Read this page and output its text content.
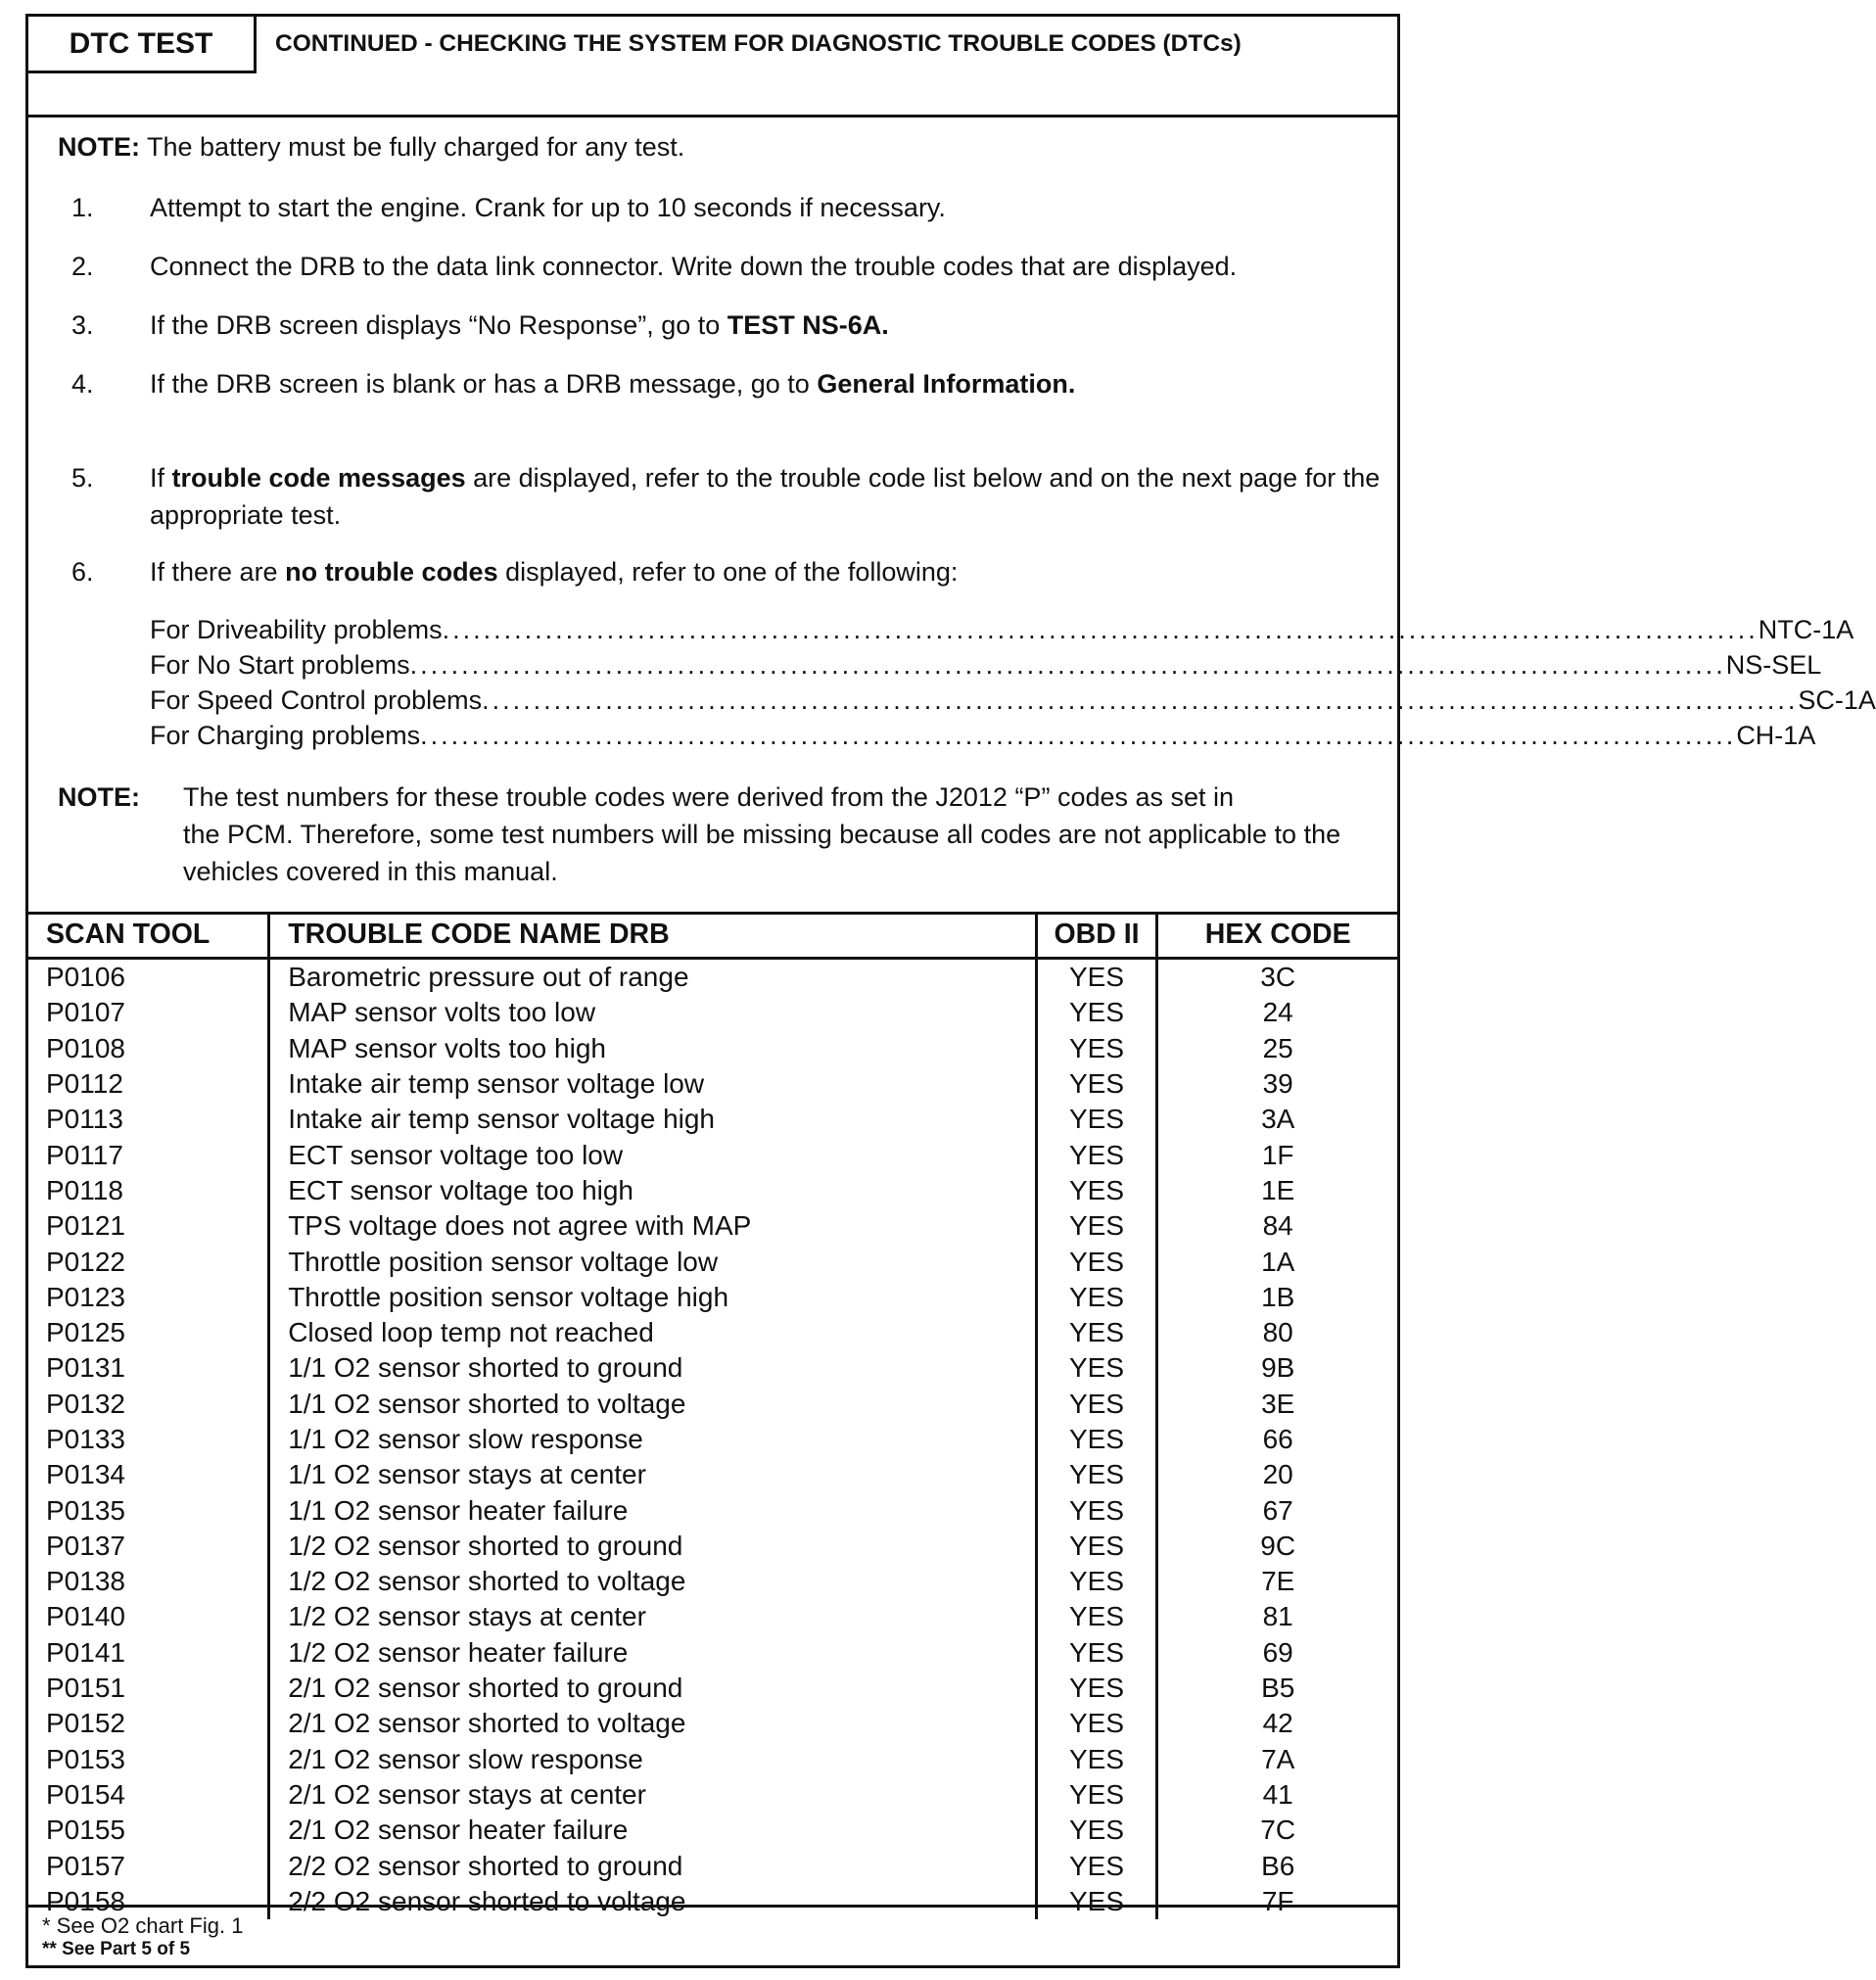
DTC TEST	CONTINUED - CHECKING THE SYSTEM FOR DIAGNOSTIC TROUBLE CODES (DTCs)
NOTE: The battery must be fully charged for any test.
1.	Attempt to start the engine. Crank for up to 10 seconds if necessary.
2.	Connect the DRB to the data link connector. Write down the trouble codes that are displayed.
3.	If the DRB screen displays “No Response”, go to TEST NS-6A.
4.	If the DRB screen is blank or has a DRB message, go to General Information.
5.	If trouble code messages are displayed, refer to the trouble code list below and on the next page for the appropriate test.
6.	If there are no trouble codes displayed, refer to one of the following:
For Driveability problems ................................................................................................................................ NTC-1A
For No Start problems ................................................................................................................................ NS-SEL
For Speed Control problems ................................................................................................................................ SC-1A
For Charging problems ................................................................................................................................ CH-1A
NOTE: The test numbers for these trouble codes were derived from the J2012 “P” codes as set in
the PCM. Therefore, some test numbers will be missing because all codes are not applicable to the vehicles covered in this manual.
SCAN TOOL	TROUBLE CODE NAME DRB	OBD II	HEX CODE
P0106	Barometric pressure out of range	YES	3C
P0107	MAP sensor volts too low	YES	24
P0108	MAP sensor volts too high	YES	25
P0112	Intake air temp sensor voltage low	YES	39
P0113	Intake air temp sensor voltage high	YES	3A
P0117	ECT sensor voltage too low	YES	1F
P0118	ECT sensor voltage too high	YES	1E
P0121	TPS voltage does not agree with MAP	YES	84
P0122	Throttle position sensor voltage low	YES	1A
P0123	Throttle position sensor voltage high	YES	1B
P0125	Closed loop temp not reached	YES	80
P0131	1/1 O2 sensor shorted to ground	YES	9B
P0132	1/1 O2 sensor shorted to voltage	YES	3E
P0133	1/1 O2 sensor slow response	YES	66
P0134	1/1 O2 sensor stays at center	YES	20
P0135	1/1 O2 sensor heater failure	YES	67
P0137	1/2 O2 sensor shorted to ground	YES	9C
P0138	1/2 O2 sensor shorted to voltage	YES	7E
P0140	1/2 O2 sensor stays at center	YES	81
P0141	1/2 O2 sensor heater failure	YES	69
P0151	2/1 O2 sensor shorted to ground	YES	B5
P0152	2/1 O2 sensor shorted to voltage	YES	42
P0153	2/1 O2 sensor slow response	YES	7A
P0154	2/1 O2 sensor stays at center	YES	41
P0155	2/1 O2 sensor heater failure	YES	7C
P0157	2/2 O2 sensor shorted to ground	YES	B6
P0158	2/2 O2 sensor shorted to voltage	YES	7F
* See O2 chart Fig. 1
** See Part 5 of 5
